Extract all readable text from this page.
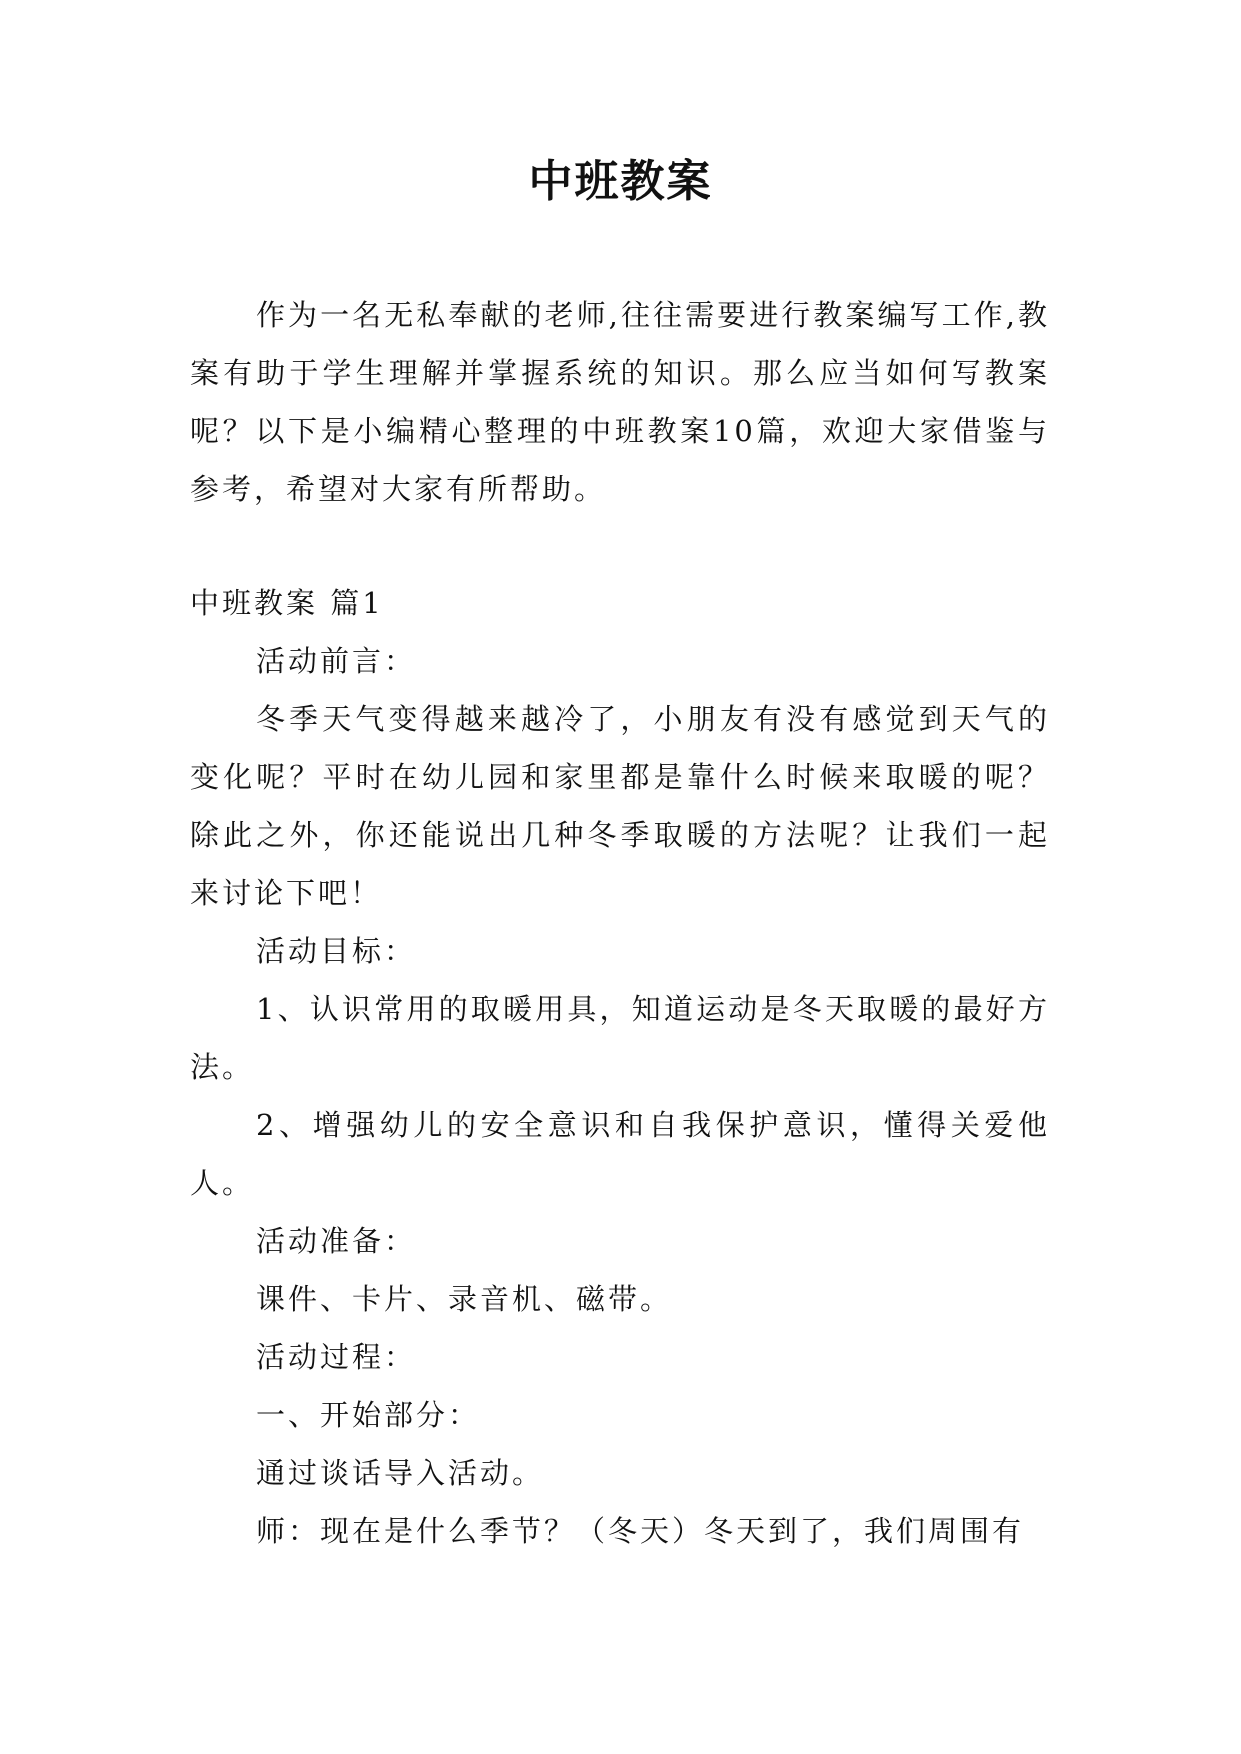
中班教案

作为一名无私奉献的老师,往往需要进行教案编写工作,教案有助于学生理解并掌握系统的知识。那么应当如何写教案呢？以下是小编精心整理的中班教案10篇，欢迎大家借鉴与参考，希望对大家有所帮助。

中班教案 篇1

活动前言：

冬季天气变得越来越冷了，小朋友有没有感觉到天气的变化呢？平时在幼儿园和家里都是靠什么时候来取暖的呢？除此之外，你还能说出几种冬季取暖的方法呢？让我们一起来讨论下吧！

活动目标：

1、认识常用的取暖用具，知道运动是冬天取暖的最好方法。

2、增强幼儿的安全意识和自我保护意识，懂得关爱他人。

活动准备：

课件、卡片、录音机、磁带。

活动过程：

一、开始部分：

通过谈话导入活动。

师：现在是什么季节？（冬天）冬天到了，我们周围有
